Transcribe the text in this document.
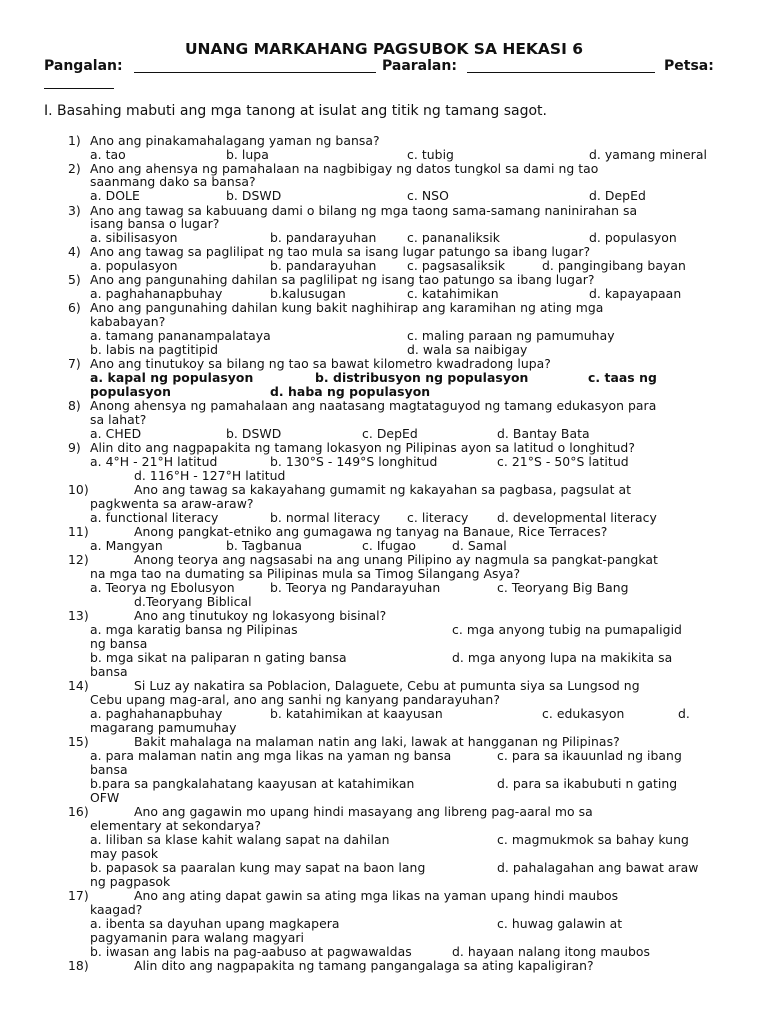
UNANG MARKAHANG PAGSUBOK SA HEKASI 6
Pangalan:	Paaralan:	Petsa:
I. Basahing mabuti ang mga tanong at isulat ang titik ng tamang sagot.
1) Ano ang pinakamahalagang yaman ng bansa?
a. tao	b. lupa	c. tubig	d. yamang mineral
2) Ano ang ahensya ng pamahalaan na nagbibigay ng datos tungkol sa dami ng tao
saanmang dako sa bansa?
a. DOLE	b. DSWD	c. NSO	d. DepEd
3) Ano ang tawag sa kabuuang dami o bilang ng mga taong sama-samang naninirahan sa
isang bansa o lugar?
a. sibilisasyon	b. pandarayuhan c. pananaliksik	d. populasyon
4) Ano ang tawag sa paglilipat ng tao mula sa isang lugar patungo sa ibang lugar?
a. populasyon	b. pandarayuhan c. pagsasaliksik	d. pangingibang bayan
5) Ano ang pangunahing dahilan sa paglilipat ng isang tao patungo sa ibang lugar?
a. paghahanapbuhay	b.kalusugan	c. katahimikan	d. kapayapaan
6) Ano ang pangunahing dahilan kung bakit naghihirap ang karamihan ng ating mga
kababayan?
a. tamang pananampalataya	c. maling paraan ng pamumuhay
b. labis na pagtitipid	d. wala sa naibigay
7) Ano ang tinutukoy sa bilang ng tao sa bawat kilometro kwadradong lupa?
a. kapal ng populasyon	b. distribusyon ng populasyon	c. taas ng
populasyon	d. haba ng populasyon
8) Anong ahensya ng pamahalaan ang naatasang magtataguyod ng tamang edukasyon para
sa lahat?
a. CHED	b. DSWD	c. DepEd	d. Bantay Bata
9) Alin dito ang nagpapakita ng tamang lokasyon ng Pilipinas ayon sa latitud o longhitud?
a. 4°H - 21°H latitud	b. 130°S - 149°S longhitud	c. 21°S - 50°S latitud
d. 116°H - 127°H latitud
10)	Ano ang tawag sa kakayahang gumamit ng kakayahan sa pagbasa, pagsulat at
pagkwenta sa araw-araw?
a. functional literacy	b. normal literacy c. literacy d. developmental literacy
11)	Anong pangkat-etniko ang gumagawa ng tanyag na Banaue, Rice Terraces?
a. Mangyan	b. Tagbanua	c. Ifugao	d. Samal
12)	Anong teorya ang nagsasabi na ang unang Pilipino ay nagmula sa pangkat-pangkat
na mga tao na dumating sa Pilipinas mula sa Timog Silangang Asya?
a. Teorya ng Ebolusyon	b. Teorya ng Pandarayuhan	c. Teoryang Big Bang
d.Teoryang Biblical
13)	Ano ang tinutukoy ng lokasyong bisinal?
a. mga karatig bansa ng Pilipinas	c. mga anyong tubig na pumapaligid
ng bansa
b. mga sikat na paliparan n gating bansa	d. mga anyong lupa na makikita sa
bansa
14)	Si Luz ay nakatira sa Poblacion, Dalaguete, Cebu at pumunta siya sa Lungsod ng
Cebu upang mag-aral, ano ang sanhi ng kanyang pandarayuhan?
a. paghahanapbuhay	b. katahimikan at kaayusan	c. edukasyon	d.
magarang pamumuhay
15)	Bakit mahalaga na malaman natin ang laki, lawak at hangganan ng Pilipinas?
a. para malaman natin ang mga likas na yaman ng bansa	c. para sa ikauunlad ng ibang
bansa
b.para sa pangkalahatang kaayusan at katahimikan	d. para sa ikabubuti n gating
OFW
16)	Ano ang gagawin mo upang hindi masayang ang libreng pag-aaral mo sa
elementary at sekondarya?
a. liliban sa klase kahit walang sapat na dahilan	c. magmukmok sa bahay kung
may pasok
b. papasok sa paaralan kung may sapat na baon lang	d. pahalagahan ang bawat araw
ng pagpasok
17)	Ano ang ating dapat gawin sa ating mga likas na yaman upang hindi maubos
kaagad?
a. ibenta sa dayuhan upang magkapera	c. huwag galawin at
pagyamanin para walang magyari
b. iwasan ang labis na pag-aabuso at pagwawaldas	d. hayaan nalang itong maubos
18)	Alin dito ang nagpapakita ng tamang pangangalaga sa ating kapaligiran?
